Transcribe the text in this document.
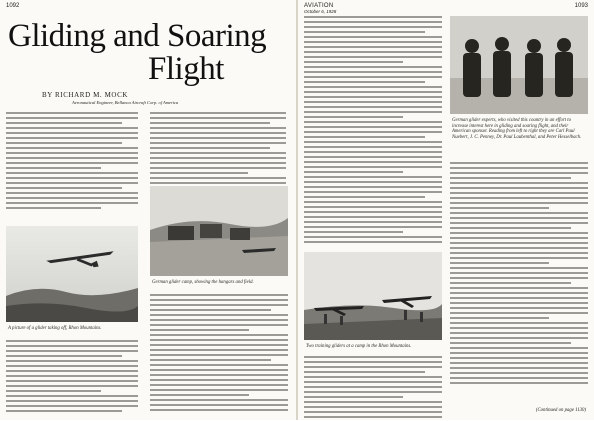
1092
Gliding and Soaring
Flight
BY RICHARD M. MOCK
Aeronautical Engineer, Bellanca Aircraft Corp. of America
A picture of a glider taking off, Rhon Mountains.
German glider camp, showing the hangars and field.
AVIATION
October 6, 1928
1093
German glider experts, who visited this country in an effort to increase interest here in gliding and soaring flight, and their American sponsor. Reading from left to right they are Carl Paul Nuebert, J. C. Penney, Dr. Paul Laubenthal, and Peter Hesselbach.
Two training gliders at a camp in the Rhon Mountains.
(Continued on page 1130)
